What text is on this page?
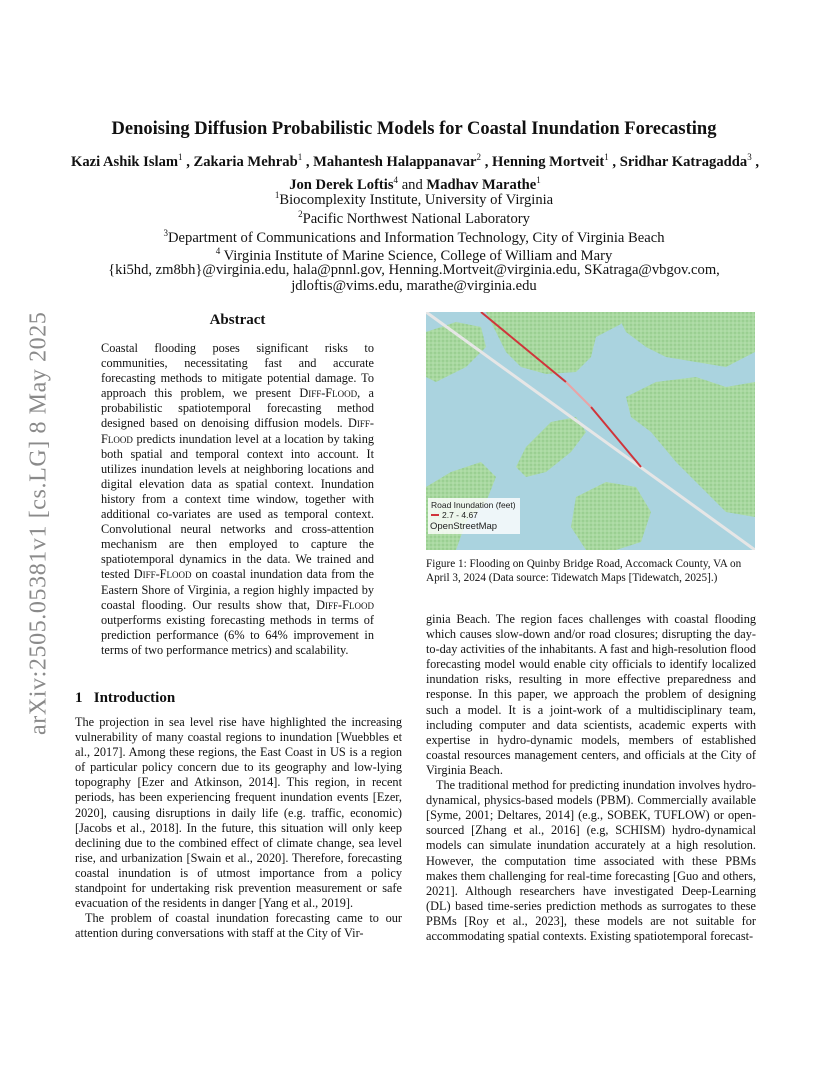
arXiv:2505.05381v1 [cs.LG] 8 May 2025
Denoising Diffusion Probabilistic Models for Coastal Inundation Forecasting
Kazi Ashik Islam$^1$ , Zakaria Mehrab$^1$ , Mahantesh Halappanavar$^2$ , Henning Mortveit$^1$ , Sridhar Katragadda$^3$ , Jon Derek Loftis$^4$ and Madhav Marathe$^1$
$^1$Biocomplexity Institute, University of Virginia
$^2$Pacific Northwest National Laboratory
$^3$Department of Communications and Information Technology, City of Virginia Beach
$^4$ Virginia Institute of Marine Science, College of William and Mary
{ki5hd, zm8bh}@virginia.edu, hala@pnnl.gov, Henning.Mortveit@virginia.edu, SKatraga@vbgov.com,
jdloftis@vims.edu, marathe@virginia.edu
Abstract
Coastal flooding poses significant risks to communities, necessitating fast and accurate forecasting methods to mitigate potential damage. To approach this problem, we present Diff-Flood, a probabilistic spatiotemporal forecasting method designed based on denoising diffusion models. Diff-Flood predicts inundation level at a location by taking both spatial and temporal context into account. It utilizes inundation levels at neighboring locations and digital elevation data as spatial context. Inundation history from a context time window, together with additional co-variates are used as temporal context. Convolutional neural networks and cross-attention mechanism are then employed to capture the spatiotemporal dynamics in the data. We trained and tested Diff-Flood on coastal inundation data from the Eastern Shore of Virginia, a region highly impacted by coastal flooding. Our results show that, Diff-Flood outperforms existing forecasting methods in terms of prediction performance (6% to 64% improvement in terms of two performance metrics) and scalability.
1 Introduction

The projection in sea level rise have highlighted the increasing vulnerability of many coastal regions to inundation [Wuebbles et al., 2017]. Among these regions, the East Coast in US is a region of particular policy concern due to its geography and low-lying topography [Ezer and Atkinson, 2014]. This region, in recent periods, has been experiencing frequent inundation events [Ezer, 2020], causing disruptions in daily life (e.g. traffic, economic) [Jacobs et al., 2018]. In the future, this situation will only keep declining due to the combined effect of climate change, sea level rise, and urbanization [Swain et al., 2020]. Therefore, forecasting coastal inundation is of utmost importance from a policy standpoint for undertaking risk prevention measurement or safe evacuation of the residents in danger [Yang et al., 2019].

The problem of coastal inundation forecasting came to our attention during conversations with staff at the City of Vir-

Road Inundation (feet)
2.7 - 4.67
OpenStreetMap
Figure 1: Flooding on Quinby Bridge Road, Accomack County, VA on April 3, 2024 (Data source: Tidewatch Maps [Tidewatch, 2025].)

ginia Beach. The region faces challenges with coastal flooding which causes slow-down and/or road closures; disrupting the day-to-day activities of the inhabitants. A fast and high-resolution flood forecasting model would enable city officials to identify localized inundation risks, resulting in more effective preparedness and response. In this paper, we approach the problem of designing such a model. It is a joint-work of a multidisciplinary team, including computer and data scientists, academic experts with expertise in hydro-dynamic models, members of established coastal resources management centers, and officials at the City of Virginia Beach.

The traditional method for predicting inundation involves hydro-dynamical, physics-based models (PBM). Commercially available [Syme, 2001; Deltares, 2014] (e.g., SOBEK, TUFLOW) or open-sourced [Zhang et al., 2016] (e.g, SCHISM) hydro-dynamical models can simulate inundation accurately at a high resolution. However, the computation time associated with these PBMs makes them challenging for real-time forecasting [Guo and others, 2021]. Although researchers have investigated Deep-Learning (DL) based time-series prediction methods as surrogates to these PBMs [Roy et al., 2023], these models are not suitable for accommodating spatial contexts. Existing spatiotemporal forecast-
